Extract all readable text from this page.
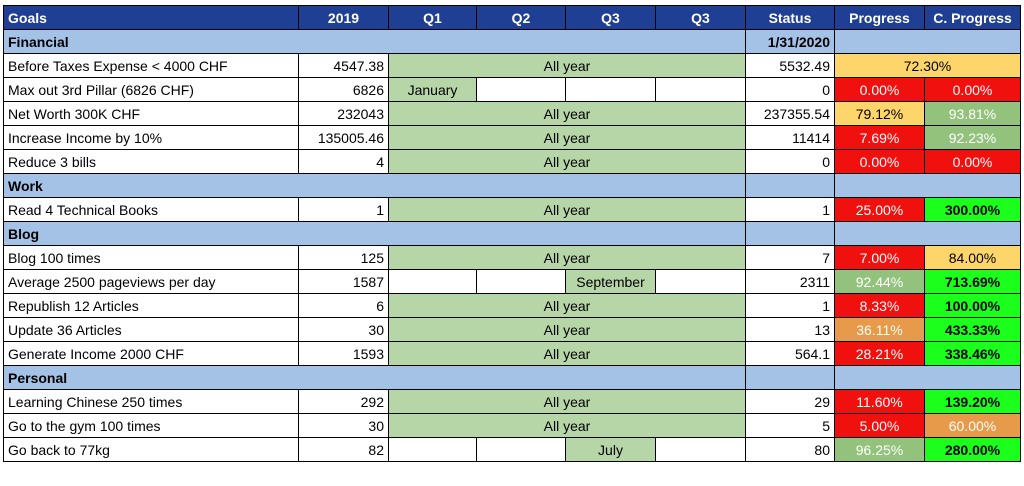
Goals	2019	Q1	Q2	Q3	Q3	Status	Progress	C. Progress
Financial						1/31/2020		
Before Taxes Expense < 4000 CHF	4547.38	All year				5532.49	72.30%	
Max out 3rd Pillar (6826 CHF)	6826	January				0	0.00%	0.00%
Net Worth 300K CHF	232043	All year				237355.54	79.12%	93.81%
Increase Income by 10%	135005.46	All year				11414	7.69%	92.23%
Reduce 3 bills	4	All year				0	0.00%	0.00%
Work								
Read 4 Technical Books	1	All year				1	25.00%	300.00%
Blog								
Blog 100 times	125	All year				7	7.00%	84.00%
Average 2500 pageviews per day	1587			September		2311	92.44%	713.69%
Republish 12 Articles	6	All year				1	8.33%	100.00%
Update 36 Articles	30	All year				13	36.11%	433.33%
Generate Income 2000 CHF	1593	All year				564.1	28.21%	338.46%
Personal								
Learning Chinese 250 times	292	All year				29	11.60%	139.20%
Go to the gym 100 times	30	All year				5	5.00%	60.00%
Go back to 77kg	82			July		80	96.25%	280.00%
